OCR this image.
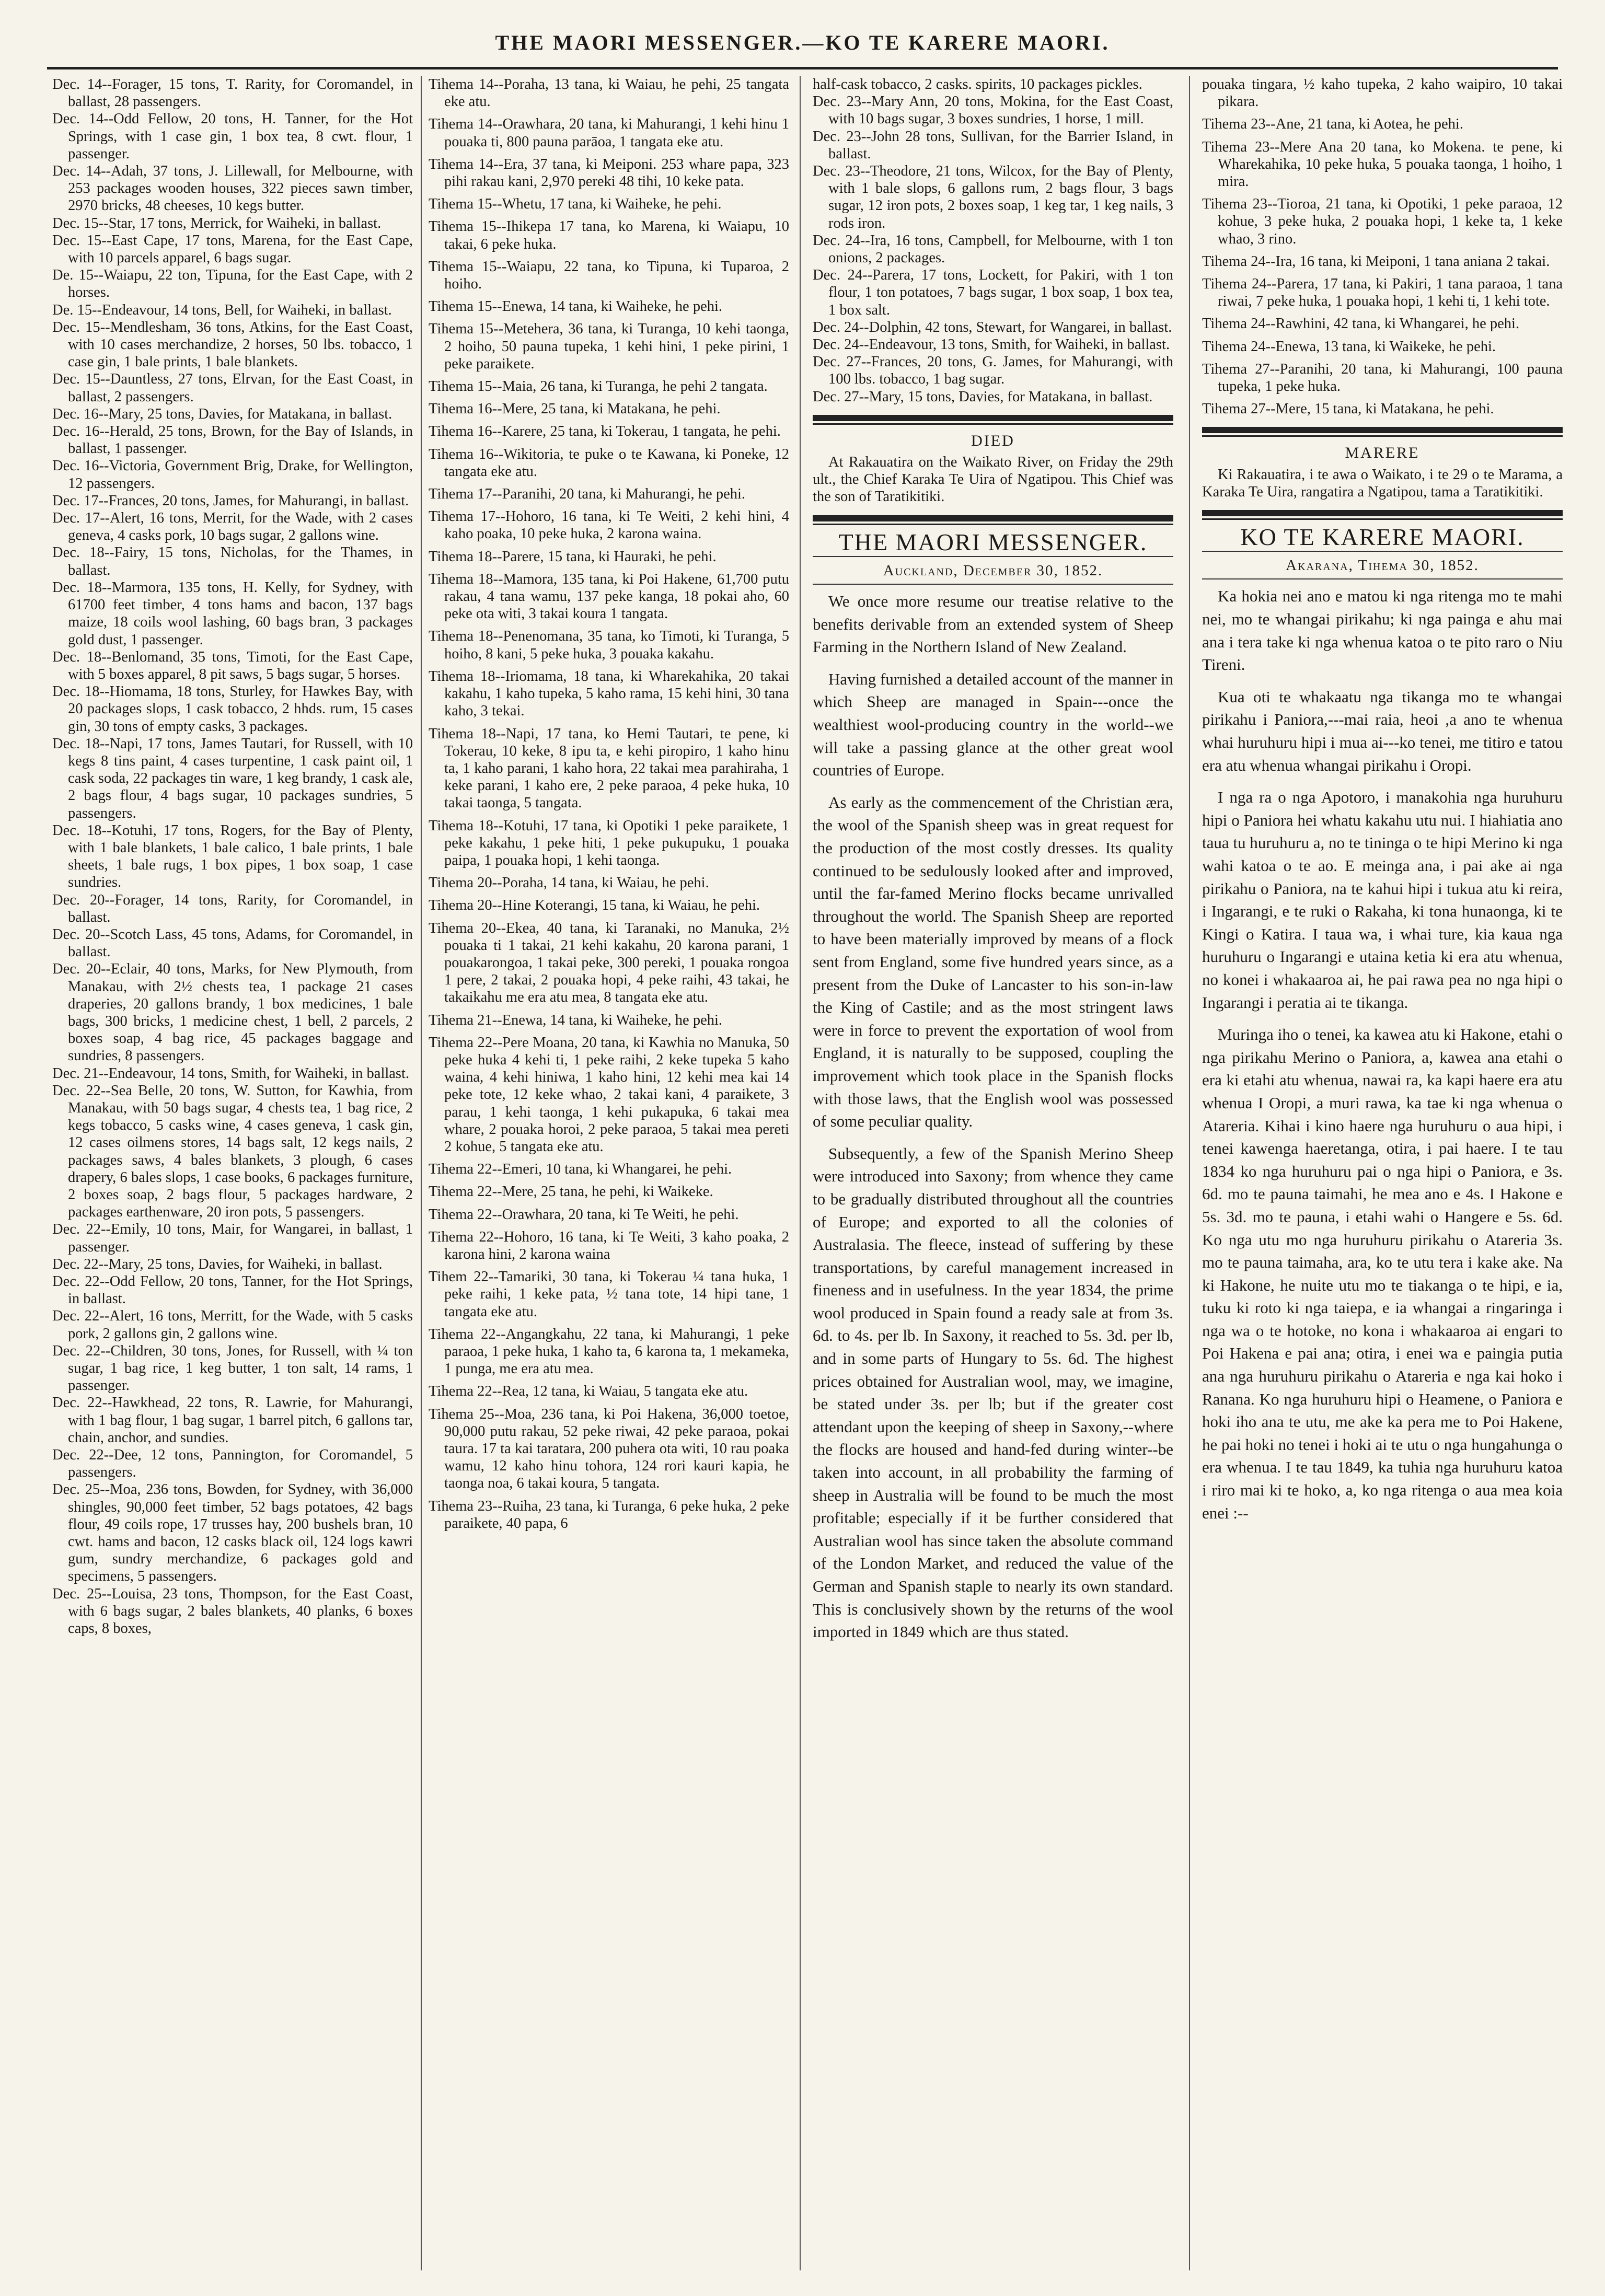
THE MAORI MESSENGER.—KO TE KARERE MAORI.
Dec. 14--Forager, 15 tons, T. Rarity, for Coromandel, in ballast, 28 passengers.
Dec. 14--Odd Fellow, 20 tons, H. Tanner, for the Hot Springs, with 1 case gin, 1 box tea, 8 cwt. flour, 1 passenger.
Dec. 14--Adah, 37 tons, J. Lillewall, for Melbourne, with 253 packages wooden houses, 322 pieces sawn timber, 2970 bricks, 48 cheeses, 10 kegs butter.
Dec. 15--Star, 17 tons, Merrick, for Waiheki, in ballast.
Dec. 15--East Cape, 17 tons, Marena, for the East Cape, with 10 parcels apparel, 6 bags sugar.
De. 15--Waiapu, 22 ton, Tipuna, for the East Cape, with 2 horses.
De. 15--Endeavour, 14 tons, Bell, for Waiheki, in ballast.
Dec. 15--Mendlesham, 36 tons, Atkins, for the East Coast, with 10 cases merchandize, 2 horses, 50 lbs. tobacco, 1 case gin, 1 bale prints, 1 bale blankets.
Dec. 15--Dauntless, 27 tons, Elrvan, for the East Coast, in ballast, 2 passengers.
Dec. 16--Mary, 25 tons, Davies, for Matakana, in ballast.
Dec. 16--Herald, 25 tons, Brown, for the Bay of Islands, in ballast, 1 passenger.
Dec. 16--Victoria, Government Brig, Drake, for Wellington, 12 passengers.
Dec. 17--Frances, 20 tons, James, for Mahurangi, in ballast.
Dec. 17--Alert, 16 tons, Merrit, for the Wade, with 2 cases geneva, 4 casks pork, 10 bags sugar, 2 gallons wine.
Dec. 18--Fairy, 15 tons, Nicholas, for the Thames, in ballast.
Dec. 18--Marmora, 135 tons, H. Kelly, for Sydney, with 61700 feet timber, 4 tons hams and bacon, 137 bags maize, 18 coils wool lashing, 60 bags bran, 3 packages gold dust, 1 passenger.
Dec. 18--Benlomand, 35 tons, Timoti, for the East Cape, with 5 boxes apparel, 8 pit saws, 5 bags sugar, 5 horses.
Dec. 18--Hiomama, 18 tons, Sturley, for Hawkes Bay, with 20 packages slops, 1 cask tobacco, 2 hhds. rum, 15 cases gin, 30 tons of empty casks, 3 packages.
Dec. 18--Napi, 17 tons, James Tautari, for Russell, with 10 kegs 8 tins paint, 4 cases turpentine, 1 cask paint oil, 1 cask soda, 22 packages tin ware, 1 keg brandy, 1 cask ale, 2 bags flour, 4 bags sugar, 10 packages sundries, 5 passengers.
Dec. 18--Kotuhi, 17 tons, Rogers, for the Bay of Plenty, with 1 bale blankets, 1 bale calico, 1 bale prints, 1 bale sheets, 1 bale rugs, 1 box pipes, 1 box soap, 1 case sundries.
Dec. 20--Forager, 14 tons, Rarity, for Coromandel, in ballast.
Dec. 20--Scotch Lass, 45 tons, Adams, for Coromandel, in ballast.
Dec. 20--Eclair, 40 tons, Marks, for New Plymouth, from Manakau, with 2½ chests tea, 1 package 21 cases draperies, 20 gallons brandy, 1 box medicines, 1 bale bags, 300 bricks, 1 medicine chest, 1 bell, 2 parcels, 2 boxes soap, 4 bag rice, 45 packages baggage and sundries, 8 passengers.
Dec. 21--Endeavour, 14 tons, Smith, for Waiheki, in ballast.
Dec. 22--Sea Belle, 20 tons, W. Sutton, for Kawhia, from Manakau, with 50 bags sugar, 4 chests tea, 1 bag rice, 2 kegs tobacco, 5 casks wine, 4 cases geneva, 1 cask gin, 12 cases oilmens stores, 14 bags salt, 12 kegs nails, 2 packages saws, 4 bales blankets, 3 plough, 6 cases drapery, 6 bales slops, 1 case books, 6 packages furniture, 2 boxes soap, 2 bags flour, 5 packages hardware, 2 packages earthenware, 20 iron pots, 5 passengers.
Dec. 22--Emily, 10 tons, Mair, for Wangarei, in ballast, 1 passenger.
Dec. 22--Mary, 25 tons, Davies, for Waiheki, in ballast.
Dec. 22--Odd Fellow, 20 tons, Tanner, for the Hot Springs, in ballast.
Dec. 22--Alert, 16 tons, Merritt, for the Wade, with 5 casks pork, 2 gallons gin, 2 gallons wine.
Dec. 22--Children, 30 tons, Jones, for Russell, with ¼ ton sugar, 1 bag rice, 1 keg butter, 1 ton salt, 14 rams, 1 passenger.
Dec. 22--Hawkhead, 22 tons, R. Lawrie, for Mahurangi, with 1 bag flour, 1 bag sugar, 1 barrel pitch, 6 gallons tar, chain, anchor, and sundies.
Dec. 22--Dee, 12 tons, Pannington, for Coromandel, 5 passengers.
Dec. 25--Moa, 236 tons, Bowden, for Sydney, with 36,000 shingles, 90,000 feet timber, 52 bags potatoes, 42 bags flour, 49 coils rope, 17 trusses hay, 200 bushels bran, 10 cwt. hams and bacon, 12 casks black oil, 124 logs kawri gum, sundry merchandize, 6 packages gold and specimens, 5 passengers.
Dec. 25--Louisa, 23 tons, Thompson, for the East Coast, with 6 bags sugar, 2 bales blankets, 40 planks, 6 boxes caps, 8 boxes,
Tihema 14--Poraha, 13 tana, ki Waiau, he pehi, 25 tangata eke atu.
Tihema 14--Orawhara, 20 tana, ki Mahurangi, 1 kehi hinu 1 pouaka ti, 800 pauna parāoa, 1 tangata eke atu.
Tihema 14--Era, 37 tana, ki Meiponi. 253 whare papa, 323 pihi rakau kani, 2,970 pereki 48 tihi, 10 keke pata.
Tihema 15--Whetu, 17 tana, ki Waiheke, he pehi.
Tihema 15--Ihikepa 17 tana, ko Marena, ki Waiapu, 10 takai, 6 peke huka.
Tihema 15--Waiapu, 22 tana, ko Tipuna, ki Tuparoa, 2 hoiho.
Tihema 15--Enewa, 14 tana, ki Waiheke, he pehi.
Tihema 15--Metehera, 36 tana, ki Turanga, 10 kehi taonga, 2 hoiho, 50 pauna tupeka, 1 kehi hini, 1 peke pirini, 1 peke paraikete.
Tihema 15--Maia, 26 tana, ki Turanga, he pehi 2 tangata.
Tihema 16--Mere, 25 tana, ki Matakana, he pehi.
Tihema 16--Karere, 25 tana, ki Tokerau, 1 tangata, he pehi.
Tihema 16--Wikitoria, te puke o te Kawana, ki Poneke, 12 tangata eke atu.
Tihema 17--Paranihi, 20 tana, ki Mahurangi, he pehi.
Tihema 17--Hohoro, 16 tana, ki Te Weiti, 2 kehi hini, 4 kaho poaka, 10 peke huka, 2 karona waina.
Tihema 18--Parere, 15 tana, ki Hauraki, he pehi.
Tihema 18--Mamora, 135 tana, ki Poi Hakene, 61,700 putu rakau, 4 tana wamu, 137 peke kanga, 18 pokai aho, 60 peke ota witi, 3 takai koura 1 tangata.
Tihema 18--Penenomana, 35 tana, ko Timoti, ki Turanga, 5 hoiho, 8 kani, 5 peke huka, 3 pouaka kakahu.
Tihema 18--Iriomama, 18 tana, ki Wharekahika, 20 takai kakahu, 1 kaho tupeka, 5 kaho rama, 15 kehi hini, 30 tana kaho, 3 tekai.
Tihema 18--Napi, 17 tana, ko Hemi Tautari, te pene, ki Tokerau, 10 keke, 8 ipu ta, e kehi piropiro, 1 kaho hinu ta, 1 kaho parani, 1 kaho hora, 22 takai mea parahiraha, 1 keke parani, 1 kaho ere, 2 peke paraoa, 4 peke huka, 10 takai taonga, 5 tangata.
Tihema 18--Kotuhi, 17 tana, ki Opotiki 1 peke paraikete, 1 peke kakahu, 1 peke hiti, 1 peke pukupuku, 1 pouaka paipa, 1 pouaka hopi, 1 kehi taonga.
Tihema 20--Poraha, 14 tana, ki Waiau, he pehi.
Tihema 20--Hine Koterangi, 15 tana, ki Waiau, he pehi.
Tihema 20--Ekea, 40 tana, ki Taranaki, no Manuka, 2½ pouaka ti 1 takai, 21 kehi kakahu, 20 karona parani, 1 pouakarongoa, 1 takai peke, 300 pereki, 1 pouaka rongoa 1 pere, 2 takai, 2 pouaka hopi, 4 peke raihi, 43 takai, he takaikahu me era atu mea, 8 tangata eke atu.
Tihema 21--Enewa, 14 tana, ki Waiheke, he pehi.
Tihema 22--Pere Moana, 20 tana, ki Kawhia no Manuka, 50 peke huka 4 kehi ti, 1 peke raihi, 2 keke tupeka 5 kaho waina, 4 kehi hiniwa, 1 kaho hini, 12 kehi mea kai 14 peke tote, 12 keke whao, 2 takai kani, 4 paraikete, 3 parau, 1 kehi taonga, 1 kehi pukapuka, 6 takai mea whare, 2 pouaka horoi, 2 peke paraoa, 5 takai mea pereti 2 kohue, 5 tangata eke atu.
Tihema 22--Emeri, 10 tana, ki Whangarei, he pehi.
Tihema 22--Mere, 25 tana, he pehi, ki Waikeke.
Tihema 22--Orawhara, 20 tana, ki Te Weiti, he pehi.
Tihema 22--Hohoro, 16 tana, ki Te Weiti, 3 kaho poaka, 2 karona hini, 2 karona waina
Tihem 22--Tamariki, 30 tana, ki Tokerau ¼ tana huka, 1 peke raihi, 1 keke pata, ½ tana tote, 14 hipi tane, 1 tangata eke atu.
Tihema 22--Angangkahu, 22 tana, ki Mahurangi, 1 peke paraoa, 1 peke huka, 1 kaho ta, 6 karona ta, 1 mekameka, 1 punga, me era atu mea.
Tihema 22--Rea, 12 tana, ki Waiau, 5 tangata eke atu.
Tihema 25--Moa, 236 tana, ki Poi Hakena, 36,000 toetoe, 90,000 putu rakau, 52 peke riwai, 42 peke paraoa, pokai taura. 17 ta kai taratara, 200 puhera ota witi, 10 rau poaka wamu, 12 kaho hinu tohora, 124 rori kauri kapia, he taonga noa, 6 takai koura, 5 tangata.
Tihema 23--Ruiha, 23 tana, ki Turanga, 6 peke huka, 2 peke paraikete, 40 papa, 6
half-cask tobacco, 2 casks. spirits, 10 packages pickles.
Dec. 23--Mary Ann, 20 tons, Mokina, for the East Coast, with 10 bags sugar, 3 boxes sundries, 1 horse, 1 mill.
Dec. 23--John 28 tons, Sullivan, for the Barrier Island, in ballast.
Dec. 23--Theodore, 21 tons, Wilcox, for the Bay of Plenty, with 1 bale slops, 6 gallons rum, 2 bags flour, 3 bags sugar, 12 iron pots, 2 boxes soap, 1 keg tar, 1 keg nails, 3 rods iron.
Dec. 24--Ira, 16 tons, Campbell, for Melbourne, with 1 ton onions, 2 packages.
Dec. 24--Parera, 17 tons, Lockett, for Pakiri, with 1 ton flour, 1 ton potatoes, 7 bags sugar, 1 box soap, 1 box tea, 1 box salt.
Dec. 24--Dolphin, 42 tons, Stewart, for Wangarei, in ballast.
Dec. 24--Endeavour, 13 tons, Smith, for Waiheki, in ballast.
Dec. 27--Frances, 20 tons, G. James, for Mahurangi, with 100 lbs. tobacco, 1 bag sugar.
Dec. 27--Mary, 15 tons, Davies, for Matakana, in ballast.
DIED
At Rakauatira on the Waikato River, on Friday the 29th ult., the Chief Karaka Te Uira of Ngatipou. This Chief was the son of Taratikitiki.
THE MAORI MESSENGER.
Auckland, December 30, 1852.

We once more resume our treatise relative to the benefits derivable from an extended system of Sheep Farming in the Northern Island of New Zealand.

Having furnished a detailed account of the manner in which Sheep are managed in Spain---once the wealthiest wool-producing country in the world--we will take a passing glance at the other great wool countries of Europe.

As early as the commencement of the Christian æra, the wool of the Spanish sheep was in great request for the production of the most costly dresses. Its quality continued to be sedulously looked after and improved, until the far-famed Merino flocks became unrivalled throughout the world. The Spanish Sheep are reported to have been materially improved by means of a flock sent from England, some five hundred years since, as a present from the Duke of Lancaster to his son-in-law the King of Castile; and as the most stringent laws were in force to prevent the exportation of wool from England, it is naturally to be supposed, coupling the improvement which took place in the Spanish flocks with those laws, that the English wool was possessed of some peculiar quality.

Subsequently, a few of the Spanish Merino Sheep were introduced into Saxony; from whence they came to be gradually distributed throughout all the countries of Europe; and exported to all the colonies of Australasia. The fleece, instead of suffering by these transportations, by careful management increased in fineness and in usefulness. In the year 1834, the prime wool produced in Spain found a ready sale at from 3s. 6d. to 4s. per lb. In Saxony, it reached to 5s. 3d. per lb, and in some parts of Hungary to 5s. 6d. The highest prices obtained for Australian wool, may, we imagine, be stated under 3s. per lb; but if the greater cost attendant upon the keeping of sheep in Saxony,--where the flocks are housed and hand-fed during winter--be taken into account, in all probability the farming of sheep in Australia will be found to be much the most profitable; especially if it be further considered that Australian wool has since taken the absolute command of the London Market, and reduced the value of the German and Spanish staple to nearly its own standard. This is conclusively shown by the returns of the wool imported in 1849 which are thus stated.

pouaka tingara, ½ kaho tupeka, 2 kaho waipiro, 10 takai pikara.
Tihema 23--Ane, 21 tana, ki Aotea, he pehi.
Tihema 23--Mere Ana 20 tana, ko Mokena. te pene, ki Wharekahika, 10 peke huka, 5 pouaka taonga, 1 hoiho, 1 mira.
Tihema 23--Tioroa, 21 tana, ki Opotiki, 1 peke paraoa, 12 kohue, 3 peke huka, 2 pouaka hopi, 1 keke ta, 1 keke whao, 3 rino.
Tihema 24--Ira, 16 tana, ki Meiponi, 1 tana aniana 2 takai.
Tihema 24--Parera, 17 tana, ki Pakiri, 1 tana paraoa, 1 tana riwai, 7 peke huka, 1 pouaka hopi, 1 kehi ti, 1 kehi tote.
Tihema 24--Rawhini, 42 tana, ki Whangarei, he pehi.
Tihema 24--Enewa, 13 tana, ki Waikeke, he pehi.
Tihema 27--Paranihi, 20 tana, ki Mahurangi, 100 pauna tupeka, 1 peke huka.
Tihema 27--Mere, 15 tana, ki Matakana, he pehi.
MARERE
Ki Rakauatira, i te awa o Waikato, i te 29 o te Marama, a Karaka Te Uira, rangatira a Ngatipou, tama a Taratikitiki.
KO TE KARERE MAORI.
Akarana, Tihema 30, 1852.

Ka hokia nei ano e matou ki nga ritenga mo te mahi nei, mo te whangai pirikahu; ki nga painga e ahu mai ana i tera take ki nga whenua katoa o te pito raro o Niu Tireni.

Kua oti te whakaatu nga tikanga mo te whangai pirikahu i Paniora,---mai raia, heoi ,a ano te whenua whai huruhuru hipi i mua ai---ko tenei, me titiro e tatou era atu whenua whangai pirikahu i Oropi.

I nga ra o nga Apotoro, i manakohia nga huruhuru hipi o Paniora hei whatu kakahu utu nui. I hiahiatia ano taua tu huruhuru a, no te tininga o te hipi Merino ki nga wahi katoa o te ao. E meinga ana, i pai ake ai nga pirikahu o Paniora, na te kahui hipi i tukua atu ki reira, i Ingarangi, e te ruki o Rakaha, ki tona hunaonga, ki te Kingi o Katira. I taua wa, i whai ture, kia kaua nga huruhuru o Ingarangi e utaina ketia ki era atu whenua, no konei i whakaaroa ai, he pai rawa pea no nga hipi o Ingarangi i peratia ai te tikanga.

Muringa iho o tenei, ka kawea atu ki Hakone, etahi o nga pirikahu Merino o Paniora, a, kawea ana etahi o era ki etahi atu whenua, nawai ra, ka kapi haere era atu whenua I Oropi, a muri rawa, ka tae ki nga whenua o Atareria. Kihai i kino haere nga huruhuru o aua hipi, i tenei kawenga haeretanga, otira, i pai haere. I te tau 1834 ko nga huruhuru pai o nga hipi o Paniora, e 3s. 6d. mo te pauna taimahi, he mea ano e 4s. I Hakone e 5s. 3d. mo te pauna, i etahi wahi o Hangere e 5s. 6d. Ko nga utu mo nga huruhuru pirikahu o Atareria 3s. mo te pauna taimaha, ara, ko te utu tera i kake ake. Na ki Hakone, he nuite utu mo te tiakanga o te hipi, e ia, tuku ki roto ki nga taiepa, e ia whangai a ringaringa i nga wa o te hotoke, no kona i whakaaroa ai engari to Poi Hakena e pai ana; otira, i enei wa e paingia putia ana nga huruhuru pirikahu o Atareria e nga kai hoko i Ranana. Ko nga huruhuru hipi o Heamene, o Paniora e hoki iho ana te utu, me ake ka pera me to Poi Hakene, he pai hoki no tenei i hoki ai te utu o nga hungahunga o era whenua. I te tau 1849, ka tuhia nga huruhuru katoa i riro mai ki te hoko, a, ko nga ritenga o aua mea koia enei :--
